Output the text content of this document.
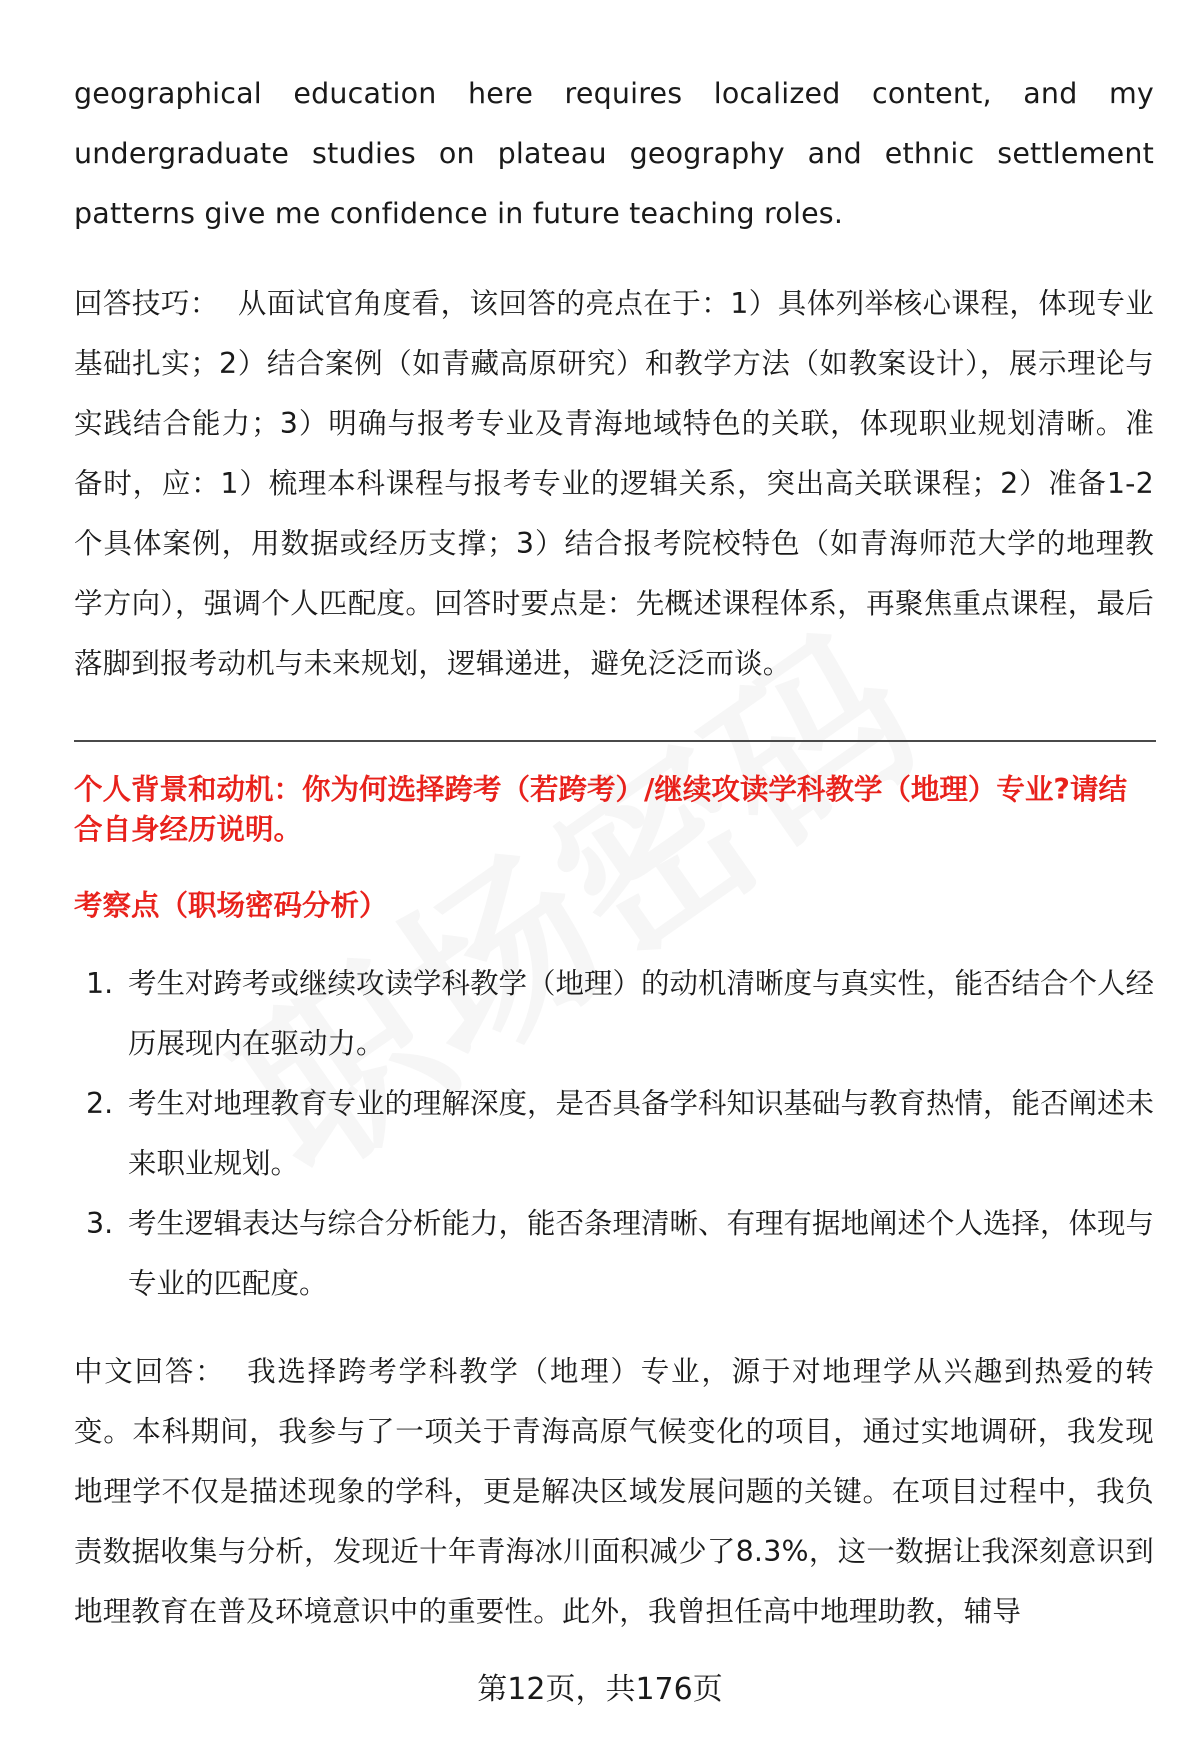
geographical education here requires localized content, and my undergraduate studies on plateau geography and ethnic settlement patterns give me confidence in future teaching roles.

回答技巧： 从面试官角度看，该回答的亮点在于：1）具体列举核心课程，体现专业基础扎实；2）结合案例（如青藏高原研究）和教学方法（如教案设计），展示理论与实践结合能力；3）明确与报考专业及青海地域特色的关联，体现职业规划清晰。准备时，应：1）梳理本科课程与报考专业的逻辑关系，突出高关联课程；2）准备1-2个具体案例，用数据或经历支撑；3）结合报考院校特色（如青海师范大学的地理教学方向），强调个人匹配度。回答时要点是：先概述课程体系，再聚焦重点课程，最后落脚到报考动机与未来规划，逻辑递进，避免泛泛而谈。

个人背景和动机：你为何选择跨考（若跨考）/继续攻读学科教学（地理）专业?请结合自身经历说明。
考察点（职场密码分析）
1. 考生对跨考或继续攻读学科教学（地理）的动机清晰度与真实性，能否结合个人经历展现内在驱动力。
2. 考生对地理教育专业的理解深度，是否具备学科知识基础与教育热情，能否阐述未来职业规划。
3. 考生逻辑表达与综合分析能力，能否条理清晰、有理有据地阐述个人选择，体现与专业的匹配度。

中文回答： 我选择跨考学科教学（地理）专业，源于对地理学从兴趣到热爱的转变。本科期间，我参与了一项关于青海高原气候变化的项目，通过实地调研，我发现地理学不仅是描述现象的学科，更是解决区域发展问题的关键。在项目过程中，我负责数据收集与分析，发现近十年青海冰川面积减少了8.3%，这一数据让我深刻意识到地理教育在普及环境意识中的重要性。此外，我曾担任高中地理助教，辅导

第12页，共176页
